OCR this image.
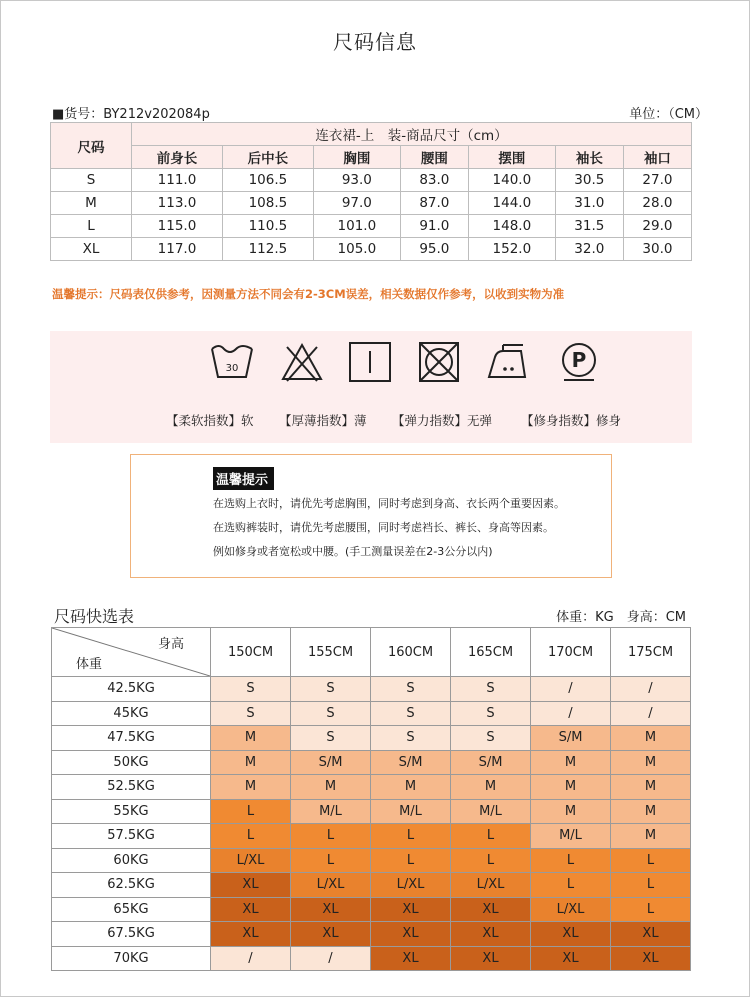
尺码信息
■货号：BY212v202084p	单位：（CM）
尺码	连衣裙-上　装-商品尺寸（cm）						
	前身长	后中长	胸围	腰围	摆围	袖长	袖口
S	111.0	106.5	93.0	83.0	140.0	30.5	27.0
M	113.0	108.5	97.0	87.0	144.0	31.0	28.0
L	115.0	110.5	101.0	91.0	148.0	31.5	29.0
XL	117.0	112.5	105.0	95.0	152.0	32.0	30.0
温馨提示：尺码表仅供参考，因测量方法不同会有2-3CM误差，相关数据仅作参考，以收到实物为准
30	P
【柔软指数】软 【厚薄指数】薄 【弹力指数】无弹 【修身指数】修身
温馨提示
在选购上衣时，请优先考虑胸围，同时考虑到身高、衣长两个重要因素。
在选购裤装时，请优先考虑腰围，同时考虑裆长、裤长、身高等因素。
例如修身或者宽松或中腰。(手工测量误差在2-3公分以内)
尺码快选表	体重：KG　身高：CM
身高
体重	150CM	155CM	160CM	165CM	170CM	175CM
42.5KG	S	S	S	S	/	/
45KG	S	S	S	S	/	/
47.5KG	M	S	S	S	S/M	M
50KG	M	S/M	S/M	S/M	M	M
52.5KG	M	M	M	M	M	M
55KG	L	M/L	M/L	M/L	M	M
57.5KG	L	L	L	L	M/L	M
60KG	L/XL	L	L	L	L	L
62.5KG	XL	L/XL	L/XL	L/XL	L	L
65KG	XL	XL	XL	XL	L/XL	L
67.5KG	XL	XL	XL	XL	XL	XL
70KG	/	/	XL	XL	XL	XL
